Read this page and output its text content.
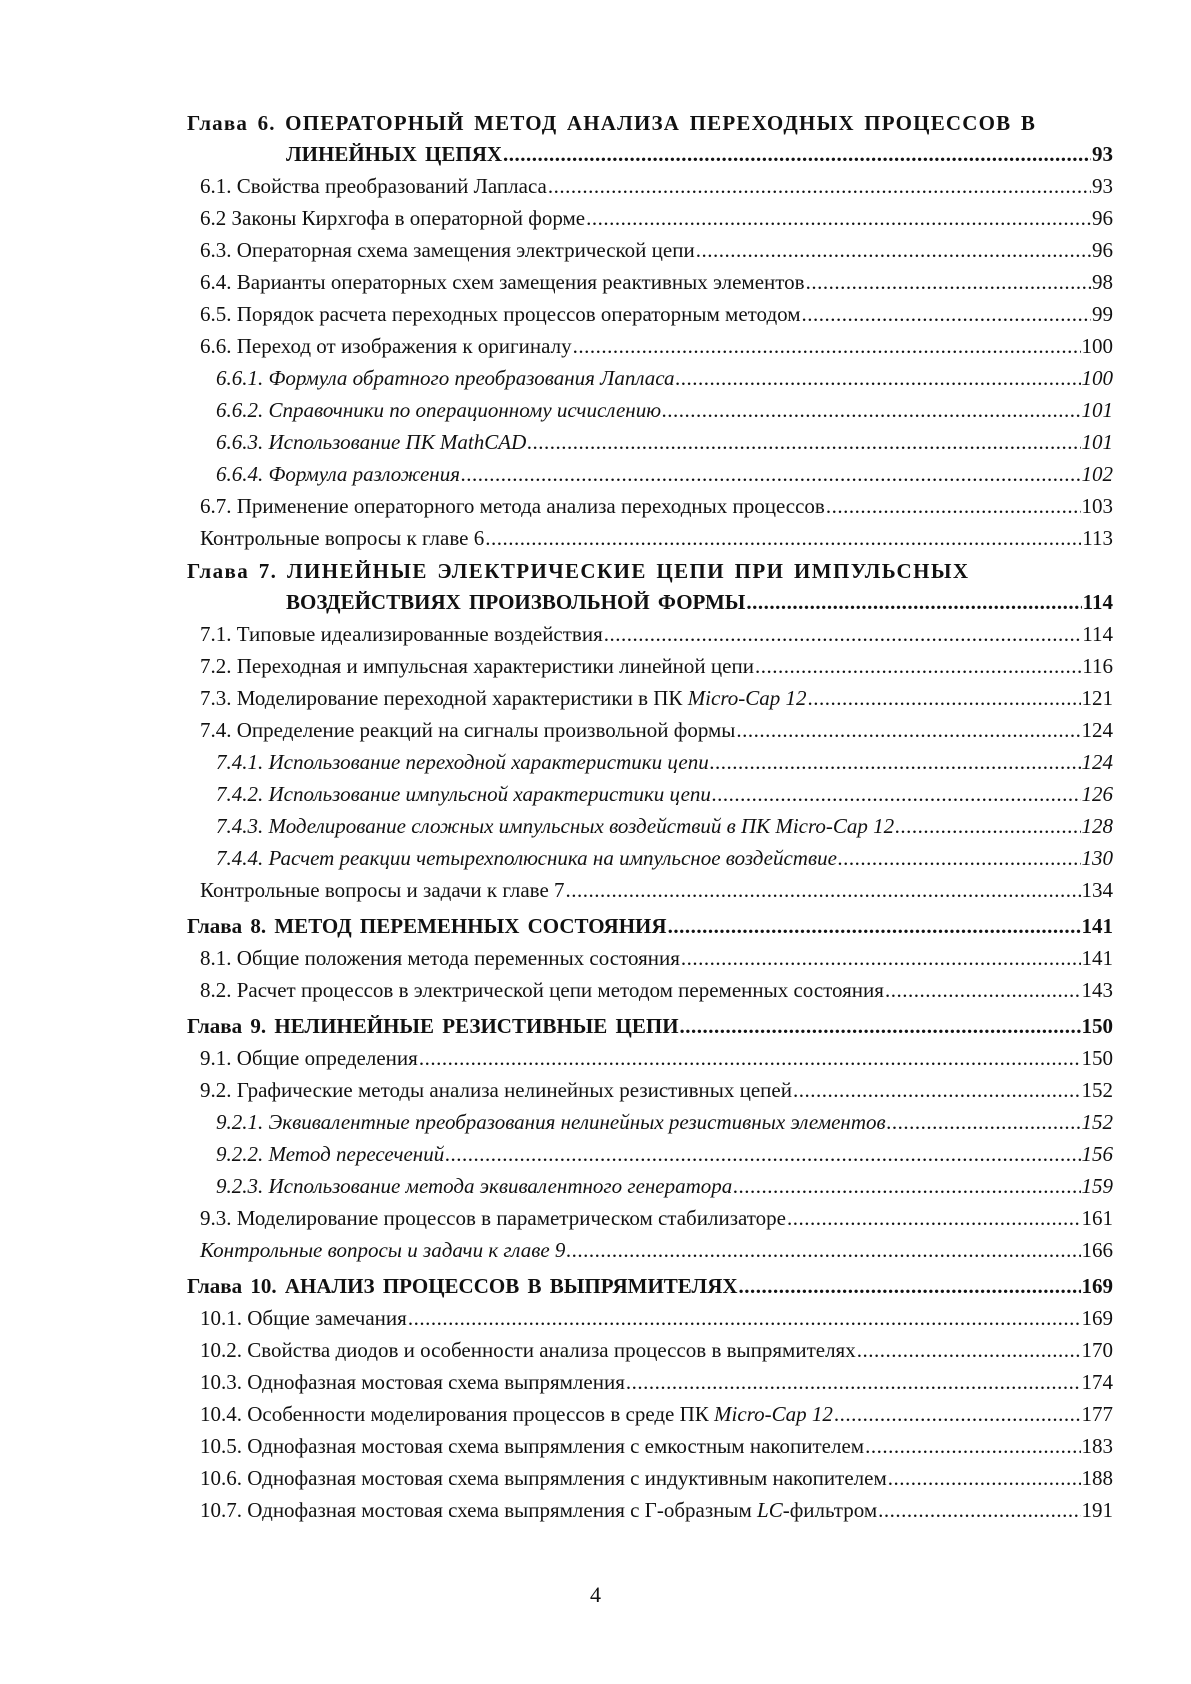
Глава 6. ОПЕРАТОРНЫЙ МЕТОД АНАЛИЗА ПЕРЕХОДНЫХ ПРОЦЕССОВ В
ЛИНЕЙНЫХ ЦЕПЯХ .....	93
6.1. Свойства преобразований Лапласа .....	93
6.2 Законы Кирхгофа в операторной форме .....	96
6.3. Операторная схема замещения электрической цепи .....	96
6.4. Варианты операторных схем замещения реактивных элементов .....	98
6.5. Порядок расчета переходных процессов операторным методом .....	99
6.6. Переход от изображения к оригиналу .....	100
6.6.1. Формула обратного преобразования Лапласа .....	100
6.6.2. Справочники по операционному исчислению .....	101
6.6.3. Использование ПК MathCAD .....	101
6.6.4. Формула разложения .....	102
6.7. Применение операторного метода анализа переходных процессов .....	103
Контрольные вопросы к главе 6 .....	113
Глава 7. ЛИНЕЙНЫЕ ЭЛЕКТРИЧЕСКИЕ ЦЕПИ ПРИ ИМПУЛЬСНЫХ
ВОЗДЕЙСТВИЯХ ПРОИЗВОЛЬНОЙ ФОРМЫ .....	114
7.1. Типовые идеализированные воздействия .....	114
7.2. Переходная и импульсная характеристики линейной цепи .....	116
7.3. Моделирование переходной характеристики в ПК Micro-Cap 12 .....	121
7.4. Определение реакций на сигналы произвольной формы .....	124
7.4.1. Использование переходной характеристики цепи .....	124
7.4.2. Использование импульсной характеристики цепи .....	126
7.4.3. Моделирование сложных импульсных воздействий в ПК Micro-Cap 12 .....	128
7.4.4. Расчет реакции четырехполюсника на импульсное воздействие .....	130
Контрольные вопросы и задачи к главе 7 .....	134
Глава 8. МЕТОД ПЕРЕМЕННЫХ СОСТОЯНИЯ .....	141
8.1. Общие положения метода переменных состояния .....	141
8.2. Расчет процессов в электрической цепи методом переменных состояния .....	143
Глава 9. НЕЛИНЕЙНЫЕ РЕЗИСТИВНЫЕ ЦЕПИ .....	150
9.1. Общие определения .....	150
9.2. Графические методы анализа нелинейных резистивных цепей .....	152
9.2.1. Эквивалентные преобразования нелинейных резистивных элементов .....	152
9.2.2. Метод пересечений .....	156
9.2.3. Использование метода эквивалентного генератора .....	159
9.3. Моделирование процессов в параметрическом стабилизаторе .....	161
Контрольные вопросы и задачи к главе 9 .....	166
Глава 10. АНАЛИЗ ПРОЦЕССОВ В ВЫПРЯМИТЕЛЯХ .....	169
10.1. Общие замечания .....	169
10.2. Свойства диодов и особенности анализа процессов в выпрямителях .....	170
10.3. Однофазная мостовая схема выпрямления .....	174
10.4. Особенности моделирования процессов в среде ПК Micro-Cap 12 .....	177
10.5. Однофазная мостовая схема выпрямления с емкостным накопителем .....	183
10.6. Однофазная мостовая схема выпрямления с индуктивным накопителем .....	188
10.7. Однофазная мостовая схема выпрямления с Г-образным LC-фильтром .....	191
4
